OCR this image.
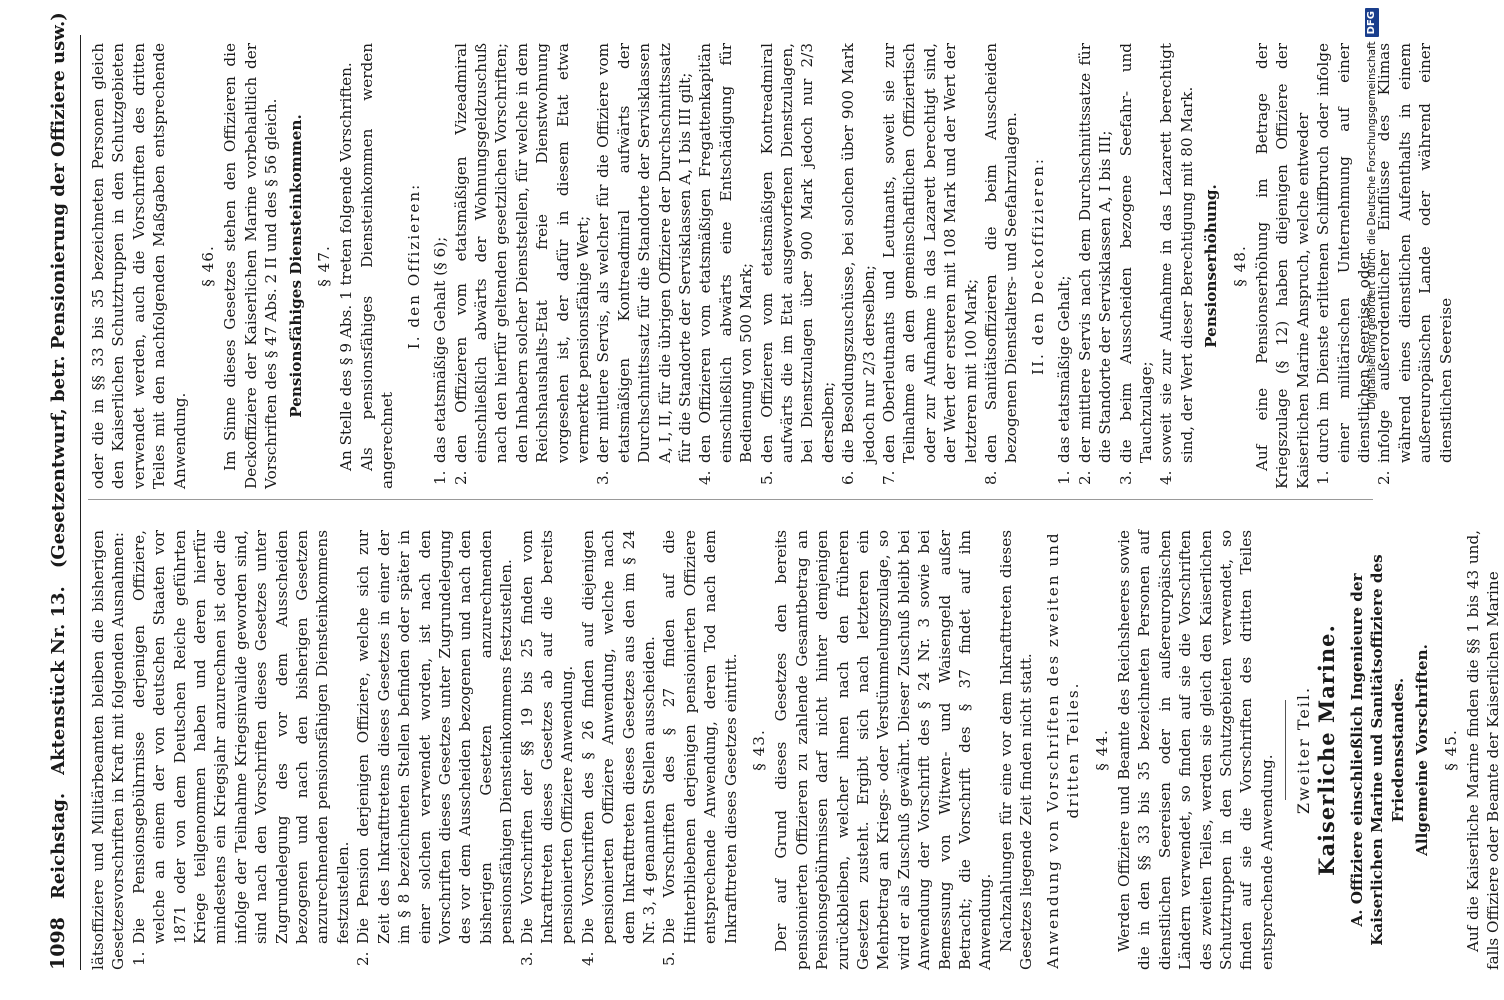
1098
Reichstag.
Aktenstück Nr. 13.
(Gesetzentwurf, betr. Pensionierung der Offiziere usw.)

lätsoffiziere und Militärbeamten bleiben die bisherigen Gesetzesvorschriften in Kraft mit folgenden Ausnahmen: 1.
Die Pensionsgebührnisse derjenigen Offiziere, welche an einem der von deutschen Staaten vor 1871 oder von dem Deutschen Reiche geführten Kriege teilgenommen haben und deren hierfür mindestens ein Kriegsjahr anzurechnen ist oder die infolge der Teilnahme Kriegsinvalide geworden sind, sind nach den Vorschriften dieses Gesetzes unter Zugrundelegung des vor dem Ausscheiden bezogenen und nach den bisherigen Gesetzen anzurechnenden pensionsfähigen Diensteinkommens festzustellen.
2.
Die Pension derjenigen Offiziere, welche sich zur Zeit des Inkrafttretens dieses Gesetzes in einer der im § 8 bezeichneten Stellen befinden oder später in einer solchen verwendet worden, ist nach den Vorschriften dieses Gesetzes unter Zugrundelegung des vor dem Ausscheiden bezogenen und nach den bisherigen Gesetzen anzurechnenden pensionsfähigen Diensteinkommens festzustellen.
3.
Die Vorschriften der §§ 19 bis 25 finden vom Inkrafttreten dieses Gesetzes ab auf die bereits pensionierten Offiziere Anwendung.
4.
Die Vorschriften des § 26 finden auf diejenigen pensionierten Offiziere Anwendung, welche nach dem Inkrafttreten dieses Gesetzes aus den im § 24 Nr. 3, 4 genannten Stellen ausscheiden.
5.
Die Vorschriften des § 27 finden auf die Hinterbliebenen derjenigen pensionierten Offiziere entsprechende Anwendung, deren Tod nach dem Inkrafttreten dieses Gesetzes eintritt. § 43. Der auf Grund dieses Gesetzes den bereits pensionierten Offizieren zu zahlende Gesamtbetrag an Pensionsgebührnissen darf nicht hinter demjenigen zurückbleiben, welcher ihnen nach den früheren Gesetzen zusteht. Ergibt sich nach letzteren ein Mehrbetrag an Kriegs- oder Verstümmelungszulage, so wird er als Zuschuß gewährt. Dieser Zuschuß bleibt bei Anwendung der Vorschrift des § 24 Nr. 3 sowie bei Bemessung von Witwen- und Waisengeld außer Betracht; die Vorschrift des § 37 findet auf ihn Anwendung. Nachzahlungen für eine vor dem Inkrafttreten dieses Gesetzes liegende Zeit finden nicht statt. Anwendung von Vorschriften des zweiten und dritten Teiles. § 44. Werden Offiziere und Beamte des Reichsheeres sowie die in den §§ 33 bis 35 bezeichneten Personen auf dienstlichen Seereisen oder in außereuropäischen Ländern verwendet, so finden auf sie die Vorschriften des zweiten Teiles, werden sie gleich den Kaiserlichen Schutztruppen in den Schutzgebieten verwendet, so finden auf sie die Vorschriften des dritten Teiles entsprechende Anwendung.

Zweiter Teil. Kaiserliche Marine. A. Offiziere einschließlich Ingenieure der Kaiserlichen Marine und Sanitätsoffiziere des Friedensstandes. Allgemeine Vorschriften. § 45. Auf die Kaiserliche Marine finden die §§ 1 bis 43 und, falls Offiziere oder Beamte der Kaiserlichen Marine

oder die in §§ 33 bis 35 bezeichneten Personen gleich den Kaiserlichen Schutztruppen in den Schutzgebieten verwendet werden, auch die Vorschriften des dritten Teiles mit den nachfolgenden Maßgaben entsprechende Anwendung.

§ 46. Im Sinne dieses Gesetzes stehen den Offizieren die Deckoffiziere der Kaiserlichen Marine vorbehaltlich der Vorschriften des § 47 Abs. 2 II und des § 56 gleich. Pensionsfähiges Diensteinkommen. § 47. An Stelle des § 9 Abs. 1 treten folgende Vorschriften. Als pensionsfähiges Diensteinkommen werden angerechnet

I. den Offizieren:
1.
das etatsmäßige Gehalt (§ 6);
2.
den Offizieren vom etatsmäßigen Vizeadmiral einschließlich abwärts der Wohnungsgeldzuschuß nach den hierfür geltenden gesetzlichen Vorschriften; den Inhabern solcher Dienststellen, für welche in dem Reichshaushalts-Etat freie Dienstwohnung vorgesehen ist, der dafür in diesem Etat etwa vermerkte pensionsfähige Wert;
3.
der mittlere Servis, als welcher für die Offiziere vom etatsmäßigen Kontreadmiral aufwärts der Durchschnittssatz für die Standorte der Servisklassen A, I, II, für die übrigen Offiziere der Durchschnittssatz für die Standorte der Servisklassen A, I bis III gilt;
4.
den Offizieren vom etatsmäßigen Fregattenkapitän einschließlich abwärts eine Entschädigung für Bedienung von 500 Mark;
5.
den Offizieren vom etatsmäßigen Kontreadmiral aufwärts die im Etat ausgeworfenen Dienstzulagen, bei Dienstzulagen über 900 Mark jedoch nur 2/3 derselben;
6.
die Besoldungszuschüsse, bei solchen über 900 Mark jedoch nur 2/3 derselben;
7.
den Oberleutnants und Leutnants, soweit sie zur Teilnahme an dem gemeinschaftlichen Offiziertisch oder zur Aufnahme in das Lazarett berechtigt sind, der Wert der ersteren mit 108 Mark und der Wert der letzteren mit 100 Mark;
8.
den Sanitätsoffizieren die beim Ausscheiden bezogenen Dienstalters- und Seefahrzulagen. II. den Deckoffizieren:
1.
das etatsmäßige Gehalt;
2.
der mittlere Servis nach dem Durchschnittssatze für die Standorte der Servisklassen A, I bis III;
3.
die beim Ausscheiden bezogene Seefahr- und Tauchzulage;
4.
soweit sie zur Aufnahme in das Lazarett berechtigt sind, der Wert dieser Berechtigung mit 80 Mark. Pensionserhöhung. § 48. Auf eine Pensionserhöhung im Betrage der Kriegszulage (§ 12) haben diejenigen Offiziere der Kaiserlichen Marine Anspruch, welche entweder 1.
durch im Dienste erlittenen Schiffbruch oder infolge einer militärischen Unternehmung auf einer dienstlichen Seereise, oder
2.
infolge außerordentlicher Einflüsse des Klimas während eines dienstlichen Aufenthalts in einem außereuropäischen Lande oder während einer dienstlichen Seereise
Digitalisierung gefördert durch die Deutsche Forschungsgemeinschaft
DFG
